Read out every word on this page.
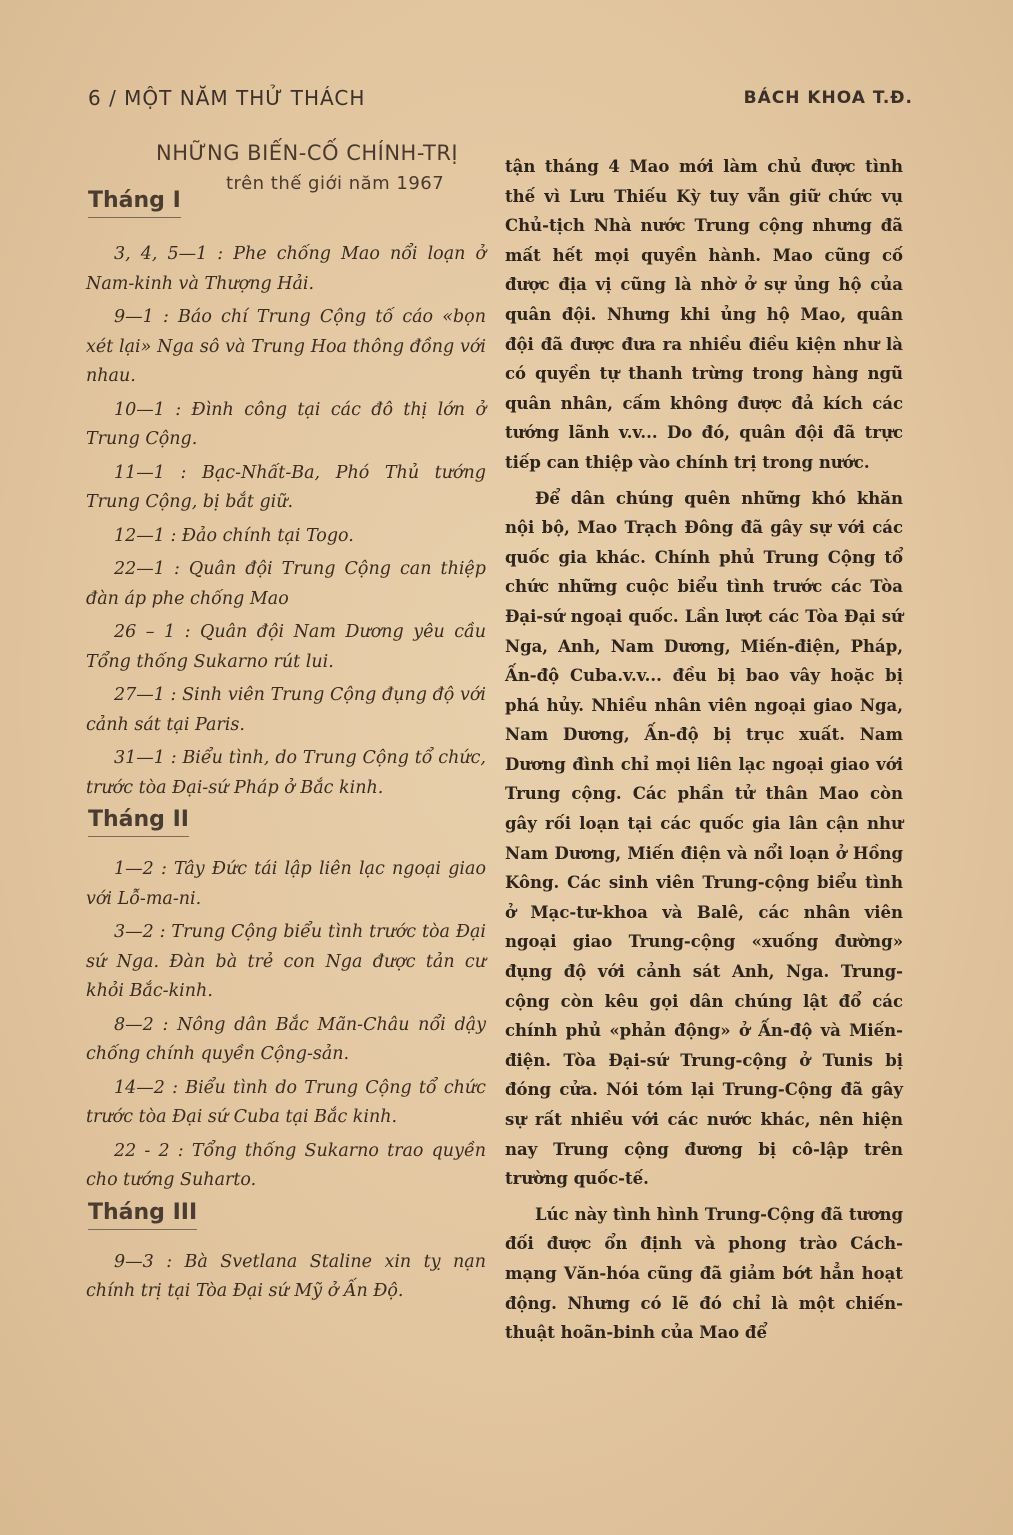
6 / MỘT NĂM THỬ THÁCH	BÁCH KHOA T.Đ.
NHỮNG BIẾN-CỐ CHÍNH-TRỊ
trên thế giới năm 1967
Tháng I

3, 4, 5—1 : Phe chống Mao nổi loạn ở Nam-kinh và Thượng Hải.

9—1 : Báo chí Trung Cộng tố cáo «bọn xét lại» Nga sô và Trung Hoa thông đồng với nhau.

10—1 : Đình công tại các đô thị lớn ở Trung Cộng.

11—1 : Bạc-Nhất-Ba, Phó Thủ tướng Trung Cộng, bị bắt giữ.

12—1 : Đảo chính tại Togo.

22—1 : Quân đội Trung Cộng can thiệp đàn áp phe chống Mao

26 – 1 : Quân đội Nam Dương yêu cầu Tổng thống Sukarno rút lui.

27—1 : Sinh viên Trung Cộng đụng độ với cảnh sát tại Paris.

31—1 : Biểu tình, do Trung Cộng tổ chức, trước tòa Đại-sứ Pháp ở Bắc kinh.

Tháng II

1—2 : Tây Đức tái lập liên lạc ngoại giao với Lỗ-ma-ni.

3—2 : Trung Cộng biểu tình trước tòa Đại sứ Nga. Đàn bà trẻ con Nga được tản cư khỏi Bắc-kinh.

8—2 : Nông dân Bắc Mãn-Châu nổi dậy chống chính quyền Cộng-sản.

14—2 : Biểu tình do Trung Cộng tổ chức trước tòa Đại sứ Cuba tại Bắc kinh.

22 - 2 : Tổng thống Sukarno trao quyền cho tướng Suharto.

Tháng III

9—3 : Bà Svetlana Staline xin tỵ nạn chính trị tại Tòa Đại sứ Mỹ ở Ấn Độ.

tận tháng 4 Mao mới làm chủ được tình thế vì Lưu Thiếu Kỳ tuy vẫn giữ chức vụ Chủ-tịch Nhà nước Trung cộng nhưng đã mất hết mọi quyền hành. Mao cũng cố được địa vị cũng là nhờ ở sự ủng hộ của quân đội. Nhưng khi ủng hộ Mao, quân đội đã được đưa ra nhiều điều kiện như là có quyền tự thanh trừng trong hàng ngũ quân nhân, cấm không được đả kích các tướng lãnh v.v... Do đó, quân đội đã trực tiếp can thiệp vào chính trị trong nước.

Để dân chúng quên những khó khăn nội bộ, Mao Trạch Đông đã gây sự với các quốc gia khác. Chính phủ Trung Cộng tổ chức những cuộc biểu tình trước các Tòa Đại-sứ ngoại quốc. Lần lượt các Tòa Đại sứ Nga, Anh, Nam Dương, Miến-điện, Pháp, Ấn-độ Cuba.v.v... đều bị bao vây hoặc bị phá hủy. Nhiều nhân viên ngoại giao Nga, Nam Dương, Ấn-độ bị trục xuất. Nam Dương đình chỉ mọi liên lạc ngoại giao với Trung cộng. Các phần tử thân Mao còn gây rối loạn tại các quốc gia lân cận như Nam Dương, Miến điện và nổi loạn ở Hồng Kông. Các sinh viên Trung-cộng biểu tình ở Mạc-tư-khoa và Balê, các nhân viên ngoại giao Trung-cộng «xuống đường» đụng độ với cảnh sát Anh, Nga. Trung-cộng còn kêu gọi dân chúng lật đổ các chính phủ «phản động» ở Ấn-độ và Miến-điện. Tòa Đại-sứ Trung-cộng ở Tunis bị đóng cửa. Nói tóm lại Trung-Cộng đã gây sự rất nhiều với các nước khác, nên hiện nay Trung cộng đương bị cô-lập trên trường quốc-tế.

Lúc này tình hình Trung-Cộng đã tương đối được ổn định và phong trào Cách-mạng Văn-hóa cũng đã giảm bớt hẳn hoạt động. Nhưng có lẽ đó chỉ là một chiến-thuật hoãn-binh của Mao để
